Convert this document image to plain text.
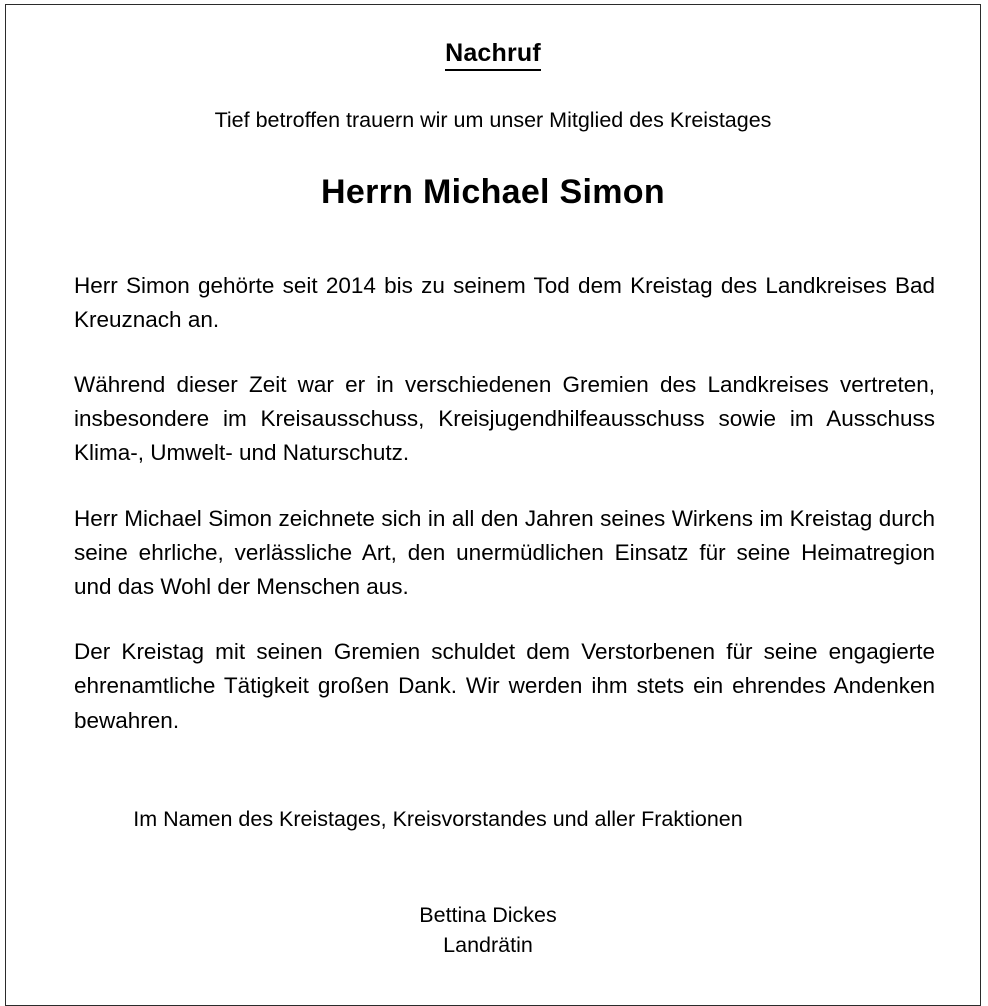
Nachruf

Tief betroffen trauern wir um unser Mitglied des Kreistages

Herrn Michael Simon

Herr Simon gehörte seit 2014 bis zu seinem Tod dem Kreistag des Landkreises Bad Kreuznach an.

Während dieser Zeit war er in verschiedenen Gremien des Landkreises vertreten, insbesondere im Kreisausschuss, Kreisjugendhilfeausschuss sowie im Ausschuss Klima-, Umwelt- und Naturschutz.

Herr Michael Simon zeichnete sich in all den Jahren seines Wirkens im Kreistag durch seine ehrliche, verlässliche Art, den unermüdlichen Einsatz für seine Heimatregion und das Wohl der Menschen aus.

Der Kreistag mit seinen Gremien schuldet dem Verstorbenen für seine engagierte ehrenamtliche Tätigkeit großen Dank. Wir werden ihm stets ein ehrendes Andenken bewahren.

Im Namen des Kreistages, Kreisvorstandes und aller Fraktionen

Bettina Dickes
Landrätin
